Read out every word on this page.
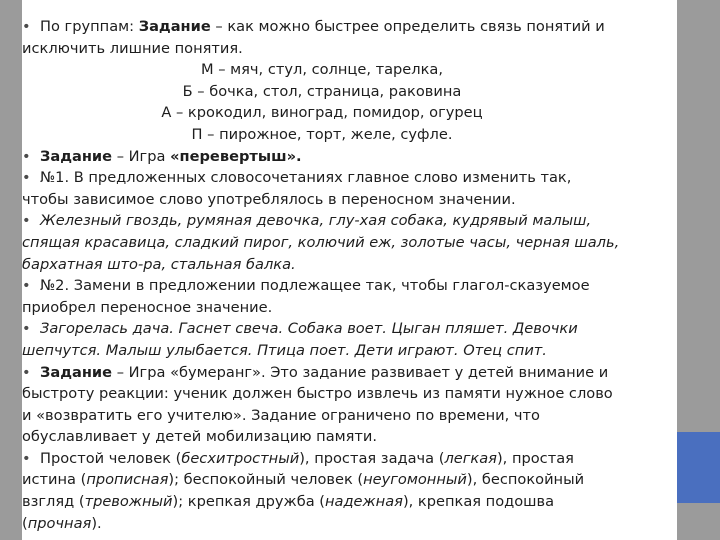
• По группам: Задание – как можно быстрее определить связь понятий и исключить лишние понятия.

М – мяч, стул, солнце, тарелка,

Б – бочка, стол, страница, раковина

А – крокодил, виноград, помидор, огурец

П – пирожное, торт, желе, суфле.

• Задание – Игра «перевертыш».

• №1. В предложенных словосочетаниях главное слово изменить так, чтобы зависимое слово употреблялось в переносном значении.

• Железный гвоздь, румяная девочка, глу-хая собака, кудрявый малыш, спящая красавица, сладкий пирог, колючий еж, золотые часы, черная шаль, бархатная што-ра, стальная балка.

• №2. Замени в предложении подлежащее так, чтобы глагол-сказуемое приобрел переносное значение.

• Загорелась дача. Гаснет свеча. Собака воет. Цыган пляшет. Девочки шепчутся. Малыш улыбается. Птица поет. Дети играют. Отец спит.

• Задание – Игра «бумеранг». Это задание развивает у детей внимание и быстроту реакции: ученик должен быстро извлечь из памяти нужное слово и «возвратить его учителю». Задание ограничено по времени, что обуславливает у детей мобилизацию памяти.

• Простой человек (бесхитростный), простая задача (легкая), простая истина (прописная); беспокойный человек (неугомонный), беспокойный взгляд (тревожный); крепкая дружба (надежная), крепкая подошва (прочная).
